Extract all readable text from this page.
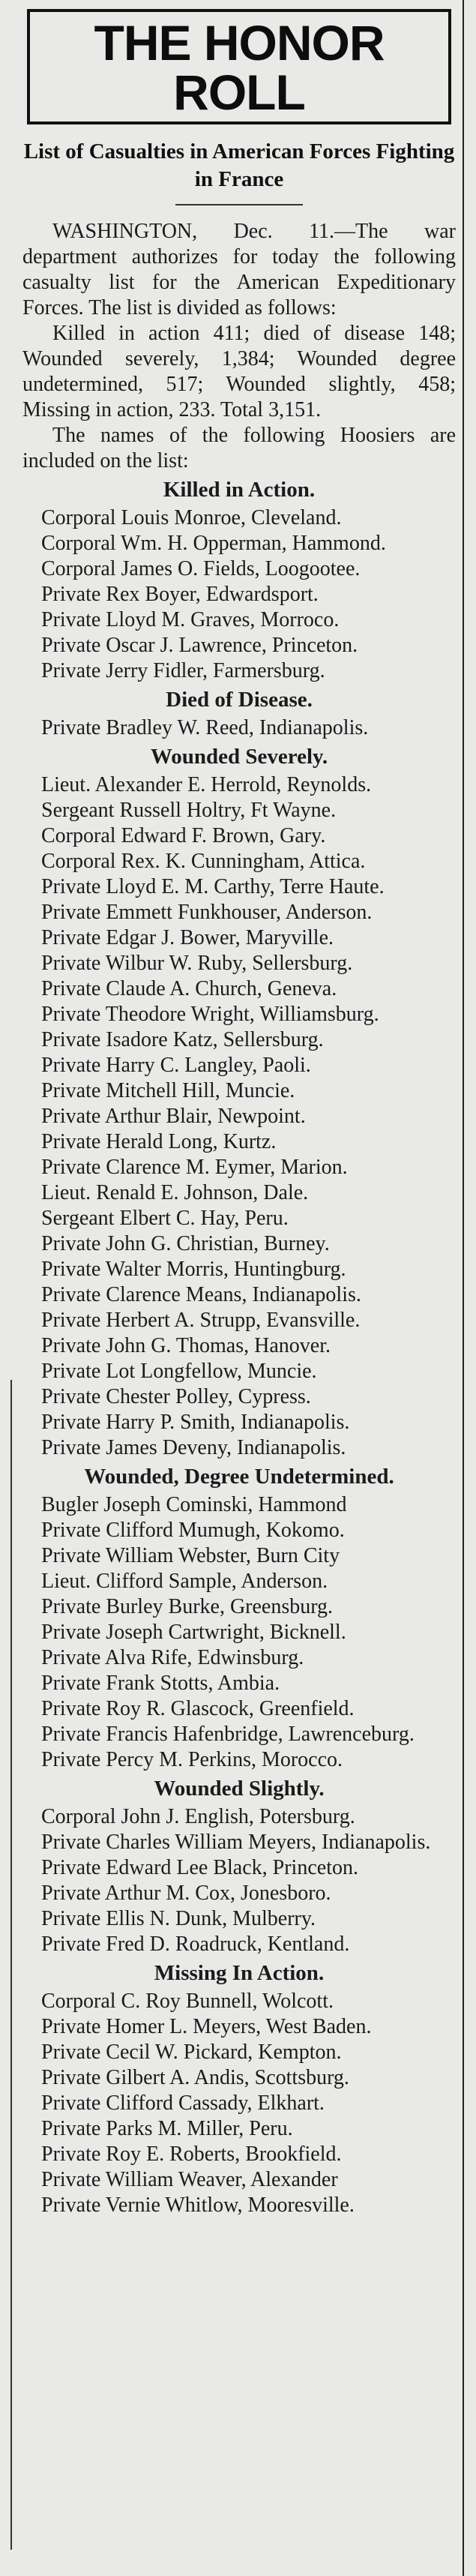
THE HONOR ROLL
List of Casualties in American Forces Fighting in France

WASHINGTON, Dec. 11.—The war department authorizes for today the following casualty list for the American Expeditionary Forces. The list is divided as follows:

Killed in action 411; died of disease 148; Wounded severely, 1,384; Wounded degree undetermined, 517; Wounded slightly, 458; Missing in action, 233. Total 3,151.

The names of the following Hoosiers are included on the list:

Killed in Action.

Corporal Louis Monroe, Cleveland.

Corporal Wm. H. Opperman, Hammond.

Corporal James O. Fields, Loogootee.

Private Rex Boyer, Edwardsport.

Private Lloyd M. Graves, Morroco.

Private Oscar J. Lawrence, Princeton.

Private Jerry Fidler, Farmersburg.

Died of Disease.

Private Bradley W. Reed, Indianapolis.

Wounded Severely.

Lieut. Alexander E. Herrold, Reynolds.

Sergeant Russell Holtry, Ft Wayne.

Corporal Edward F. Brown, Gary.

Corporal Rex. K. Cunningham, Attica.

Private Lloyd E. M. Carthy, Terre Haute.

Private Emmett Funkhouser, Anderson.

Private Edgar J. Bower, Maryville.

Private Wilbur W. Ruby, Sellersburg.

Private Claude A. Church, Geneva.

Private Theodore Wright, Williamsburg.

Private Isadore Katz, Sellersburg.

Private Harry C. Langley, Paoli.

Private Mitchell Hill, Muncie.

Private Arthur Blair, Newpoint.

Private Herald Long, Kurtz.

Private Clarence M. Eymer, Marion.

Lieut. Renald E. Johnson, Dale.

Sergeant Elbert C. Hay, Peru.

Private John G. Christian, Burney.

Private Walter Morris, Huntingburg.

Private Clarence Means, Indianapolis.

Private Herbert A. Strupp, Evansville.

Private John G. Thomas, Hanover.

Private Lot Longfellow, Muncie.

Private Chester Polley, Cypress.

Private Harry P. Smith, Indianapolis.

Private James Deveny, Indianapolis.

Wounded, Degree Undetermined.

Bugler Joseph Cominski, Hammond

Private Clifford Mumugh, Kokomo.

Private William Webster, Burn City

Lieut. Clifford Sample, Anderson.

Private Burley Burke, Greensburg.

Private Joseph Cartwright, Bicknell.

Private Alva Rife, Edwinsburg.

Private Frank Stotts, Ambia.

Private Roy R. Glascock, Greenfield.

Private Francis Hafenbridge, Lawrenceburg.

Private Percy M. Perkins, Morocco.

Wounded Slightly.

Corporal John J. English, Potersburg.

Private Charles William Meyers, Indianapolis.

Private Edward Lee Black, Princeton.

Private Arthur M. Cox, Jonesboro.

Private Ellis N. Dunk, Mulberry.

Private Fred D. Roadruck, Kentland.

Missing In Action.

Corporal C. Roy Bunnell, Wolcott.

Private Homer L. Meyers, West Baden.

Private Cecil W. Pickard, Kempton.

Private Gilbert A. Andis, Scottsburg.

Private Clifford Cassady, Elkhart.

Private Parks M. Miller, Peru.

Private Roy E. Roberts, Brookfield.

Private William Weaver, Alexander

Private Vernie Whitlow, Mooresville.
